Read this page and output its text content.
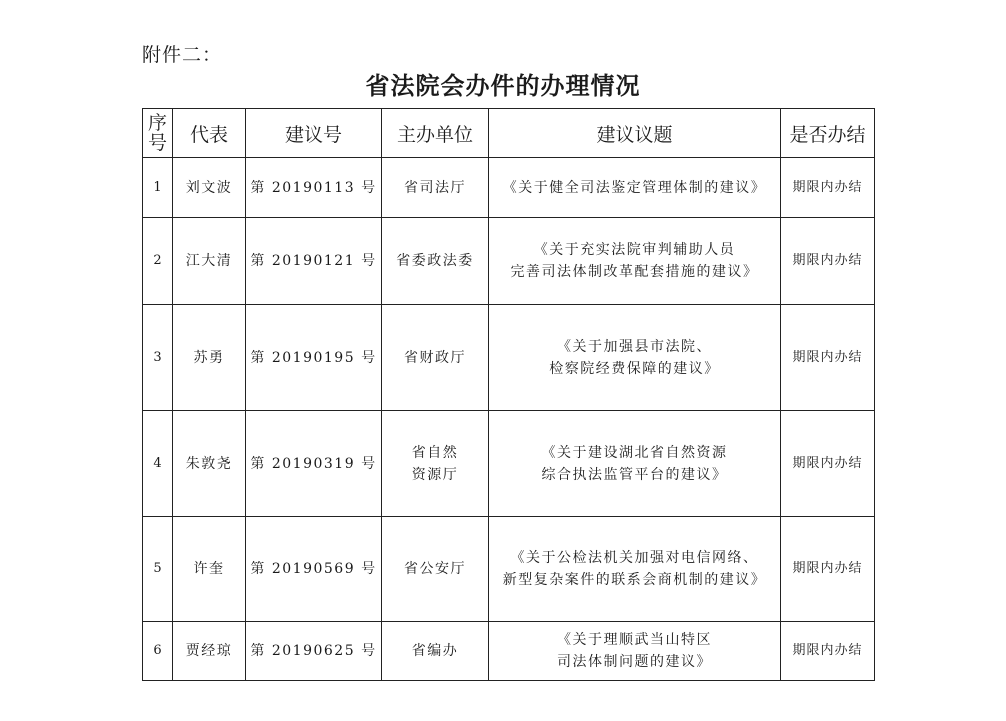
附件二：
省法院会办件的办理情况
序
号	代表	建议号	主办单位	建议议题	是否办结
1	刘文波	第 20190113 号	省司法厅	《关于健全司法鉴定管理体制的建议》	期限内办结
2	江大清	第 20190121 号	省委政法委	《关于充实法院审判辅助人员
完善司法体制改革配套措施的建议》	期限内办结
3	苏勇	第 20190195 号	省财政厅	《关于加强县市法院、
检察院经费保障的建议》	期限内办结
4	朱敦尧	第 20190319 号	省自然
资源厅	《关于建设湖北省自然资源
综合执法监管平台的建议》	期限内办结
5	许奎	第 20190569 号	省公安厅	《关于公检法机关加强对电信网络、
新型复杂案件的联系会商机制的建议》	期限内办结
6	贾经琼	第 20190625 号	省编办	《关于理顺武当山特区
司法体制问题的建议》	期限内办结
